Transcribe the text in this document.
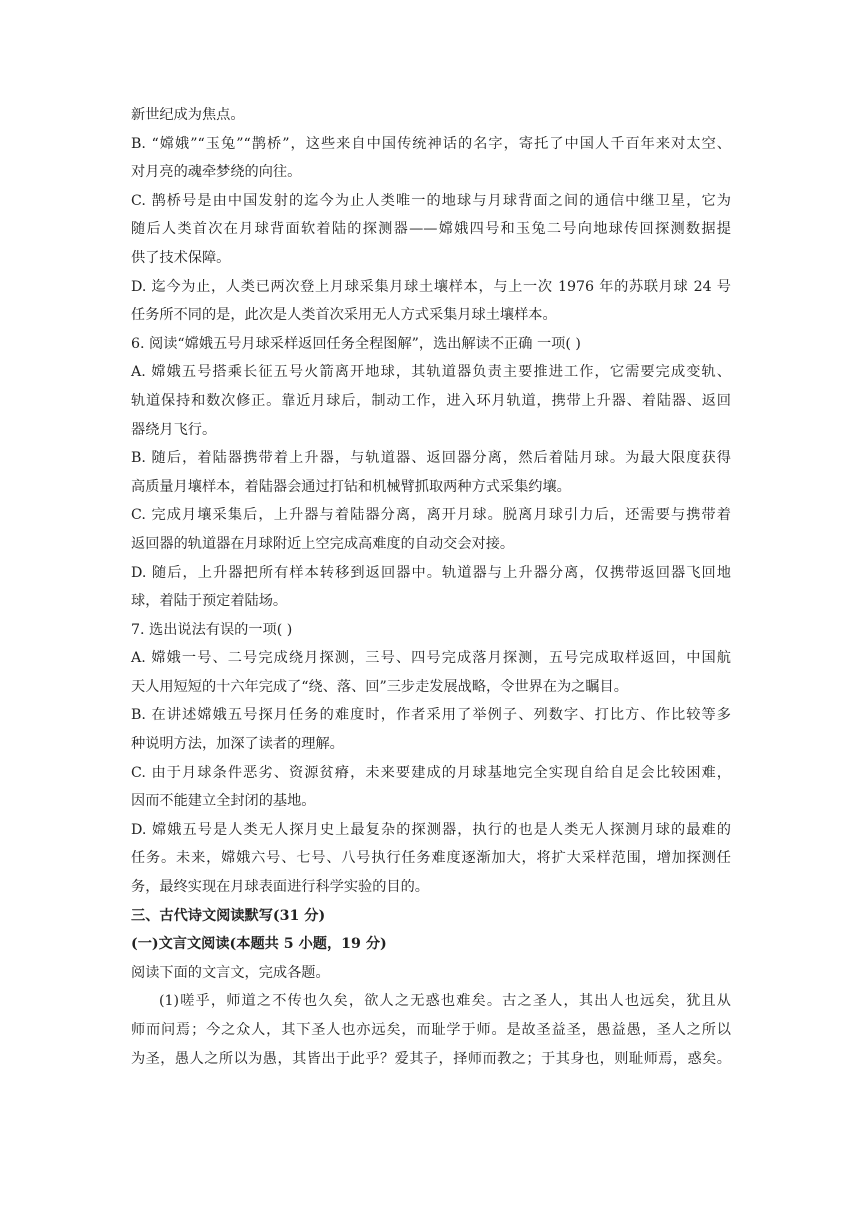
新世纪成为焦点。
B. “嫦娥”“玉兔”“鹊桥”，这些来自中国传统神话的名字，寄托了中国人千百年来对太空、
对月亮的魂牵梦绕的向往。
C. 鹊桥号是由中国发射的迄今为止人类唯一的地球与月球背面之间的通信中继卫星，它为
随后人类首次在月球背面软着陆的探测器——嫦娥四号和玉兔二号向地球传回探测数据提
供了技术保障。
D. 迄今为止，人类已两次登上月球采集月球土壤样本，与上一次 1976 年的苏联月球 24 号
任务所不同的是，此次是人类首次采用无人方式采集月球土壤样本。
6. 阅读“嫦娥五号月球采样返回任务全程图解”，选出解读不正确 一项( )
A. 嫦娥五号搭乘长征五号火箭离开地球，其轨道器负责主要推进工作，它需要完成变轨、
轨道保持和数次修正。靠近月球后，制动工作，进入环月轨道，携带上升器、着陆器、返回
器绕月飞行。
B. 随后，着陆器携带着上升器，与轨道器、返回器分离，然后着陆月球。为最大限度获得
高质量月壤样本，着陆器会通过打钻和机械臂抓取两种方式采集约壤。
C. 完成月壤采集后，上升器与着陆器分离，离开月球。脱离月球引力后，还需要与携带着
返回器的轨道器在月球附近上空完成高难度的自动交会对接。
D. 随后，上升器把所有样本转移到返回器中。轨道器与上升器分离，仅携带返回器飞回地
球，着陆于预定着陆场。
7. 选出说法有误的一项( )
A. 嫦娥一号、二号完成绕月探测，三号、四号完成落月探测，五号完成取样返回，中国航
天人用短短的十六年完成了“绕、落、回”三步走发展战略，令世界在为之瞩目。
B. 在讲述嫦娥五号探月任务的难度时，作者采用了举例子、列数字、打比方、作比较等多
种说明方法，加深了读者的理解。
C. 由于月球条件恶劣、资源贫瘠，未来要建成的月球基地完全实现自给自足会比较困难，
因而不能建立全封闭的基地。
D. 嫦娥五号是人类无人探月史上最复杂的探测器，执行的也是人类无人探测月球的最难的
任务。未来，嫦娥六号、七号、八号执行任务难度逐渐加大，将扩大采样范围，增加探测任
务，最终实现在月球表面进行科学实验的目的。
三、古代诗文阅读默写(31 分)
(一)文言文阅读(本题共 5 小题，19 分)
阅读下面的文言文，完成各题。
(1)嗟乎，师道之不传也久矣，欲人之无惑也难矣。古之圣人，其出人也远矣，犹且从
师而问焉；今之众人，其下圣人也亦远矣，而耻学于师。是故圣益圣，愚益愚，圣人之所以
为圣，愚人之所以为愚，其皆出于此乎？爱其子，择师而教之；于其身也，则耻师焉，惑矣。
